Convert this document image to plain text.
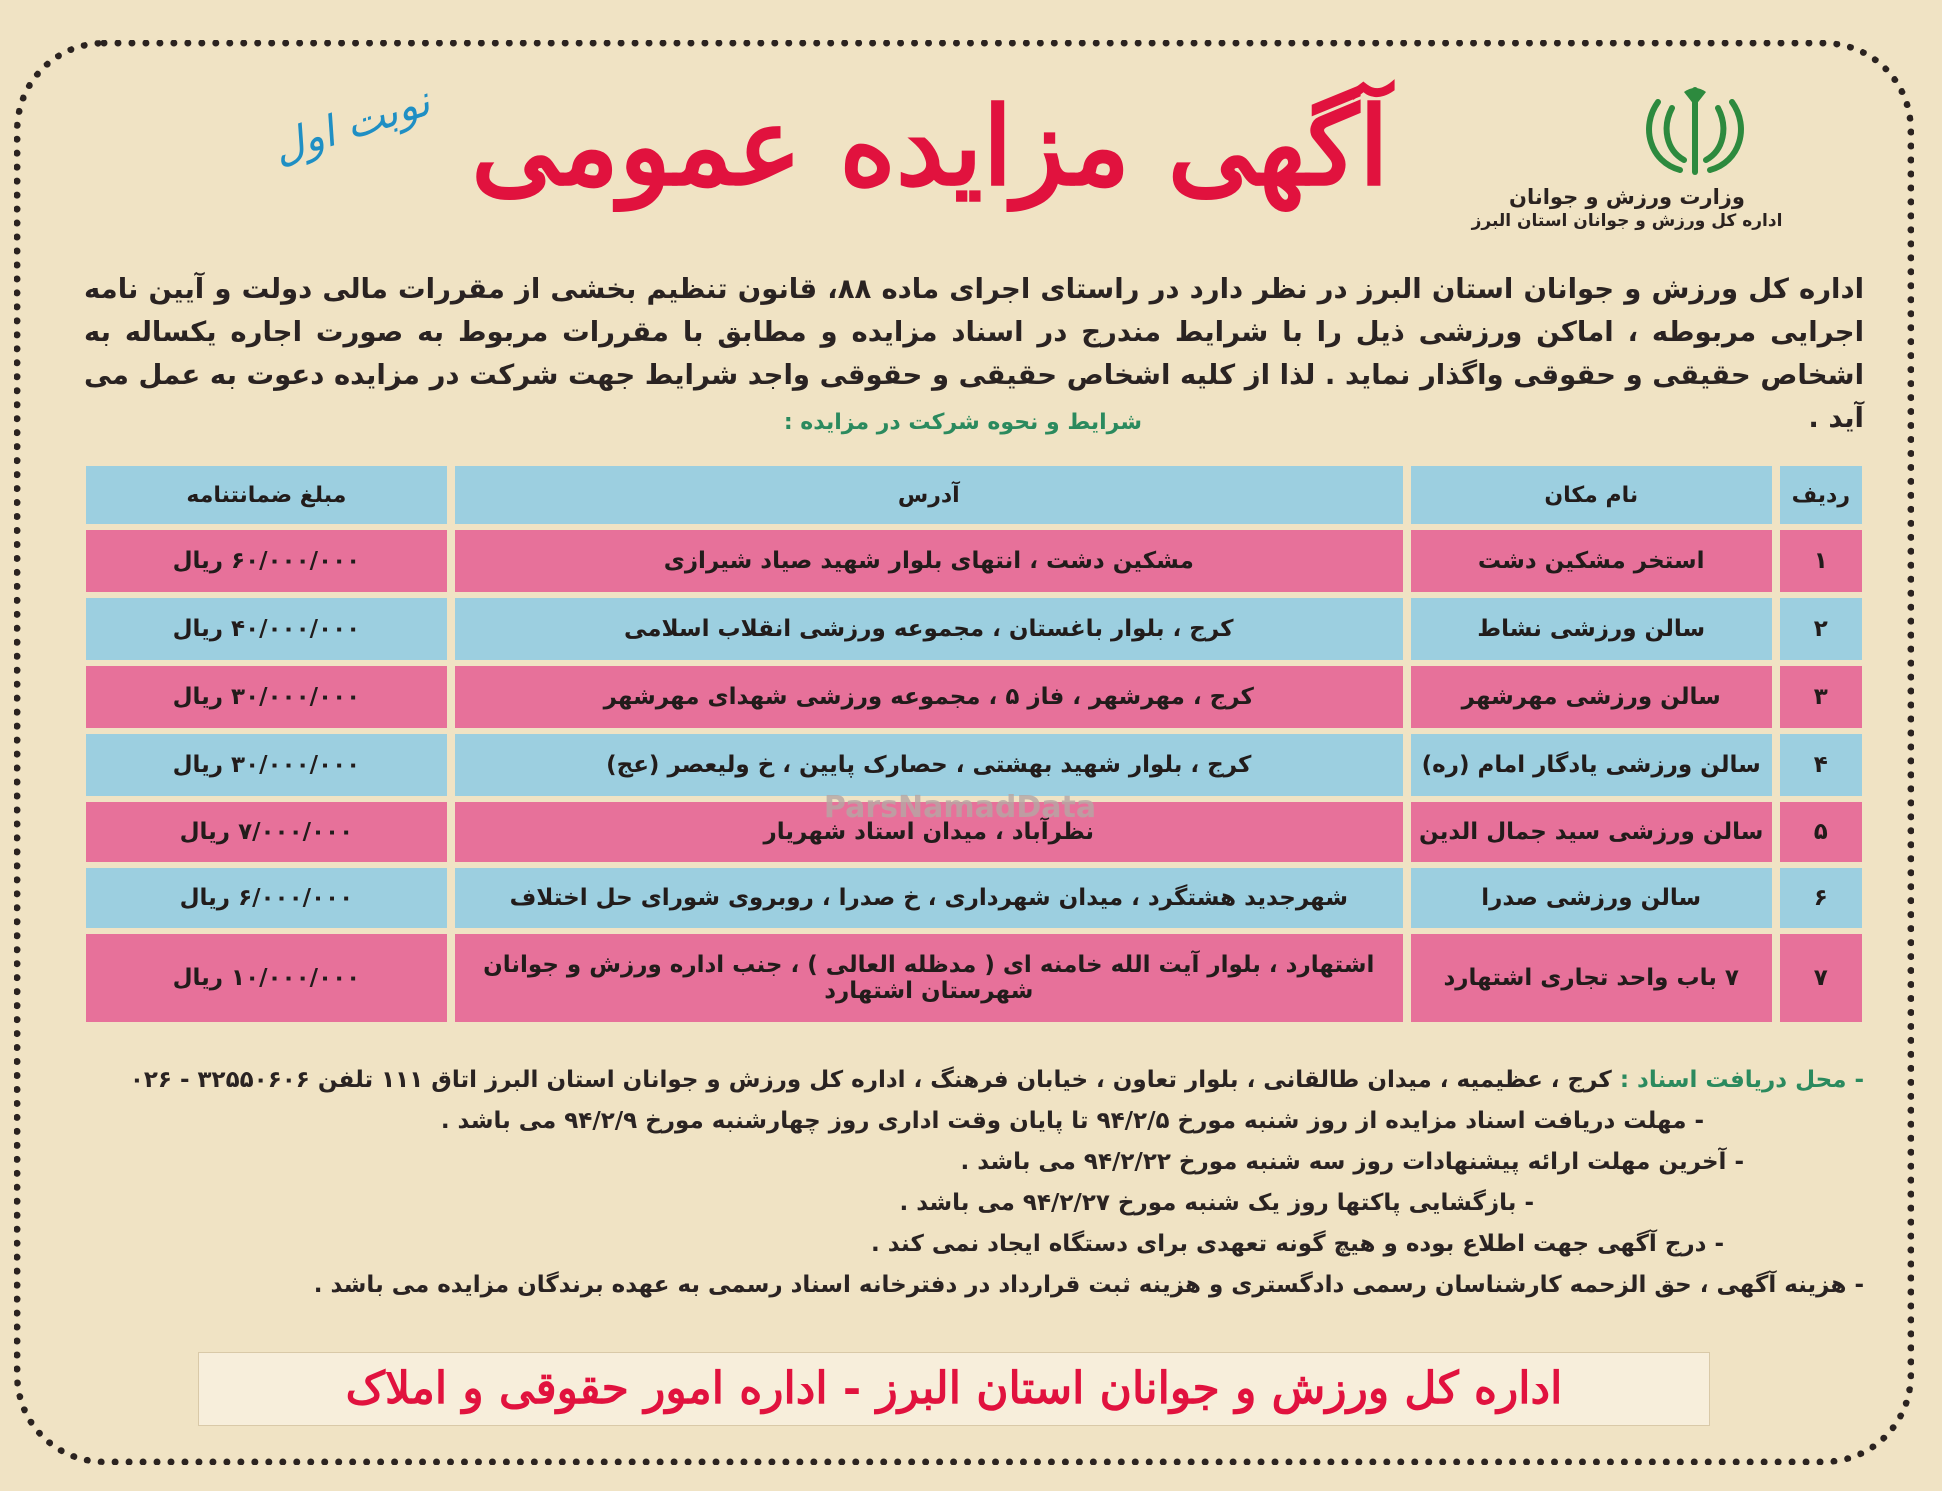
وزارت ورزش و جوانان
اداره کل ورزش و جوانان استان البرز
نوبت اول آگهی مزایده عمومی
اداره کل ورزش و جوانان استان البرز در نظر دارد در راستای اجرای ماده ۸۸، قانون تنظیم بخشی از مقررات مالی دولت و آیین نامه اجرایی مربوطه ، اماکن ورزشی ذیل را با شرایط مندرج در اسناد مزایده و مطابق با مقررات مربوط به صورت اجاره یکساله به اشخاص حقیقی و حقوقی واگذار نماید . لذا از کلیه اشخاص حقیقی و حقوقی واجد شرایط جهت شرکت در مزایده دعوت به عمل می آید .
شرایط و نحوه شرکت در مزایده :
ردیف	نام مکان	آدرس	مبلغ ضمانتنامه
۱	استخر مشکین دشت	مشکین دشت ، انتهای بلوار شهید صیاد شیرازی	۶۰/۰۰۰/۰۰۰ ریال
۲	سالن ورزشی نشاط	کرج ، بلوار باغستان ، مجموعه ورزشی انقلاب اسلامی	۴۰/۰۰۰/۰۰۰ ریال
۳	سالن ورزشی مهرشهر	کرج ، مهرشهر ، فاز ۵ ، مجموعه ورزشی شهدای مهرشهر	۳۰/۰۰۰/۰۰۰ ریال
۴	سالن ورزشی یادگار امام (ره)	کرج ، بلوار شهید بهشتی ، حصارک پایین ، خ ولیعصر (عج)	۳۰/۰۰۰/۰۰۰ ریال
۵	سالن ورزشی سید جمال الدین	نظرآباد ، میدان استاد شهریار	۷/۰۰۰/۰۰۰ ریال
۶	سالن ورزشی صدرا	شهرجدید هشتگرد ، میدان شهرداری ، خ صدرا ، روبروی شورای حل اختلاف	۶/۰۰۰/۰۰۰ ریال
۷	۷ باب واحد تجاری اشتهارد	اشتهارد ، بلوار آیت الله خامنه ای ( مدظله العالی ) ، جنب اداره ورزش و جوانان شهرستان اشتهارد	۱۰/۰۰۰/۰۰۰ ریال
ParsNamadData
- محل دریافت اسناد : کرج ، عظیمیه ، میدان طالقانی ، بلوار تعاون ، خیابان فرهنگ ، اداره کل ورزش و جوانان استان البرز اتاق ۱۱۱ تلفن ۳۲۵۵۰۶۰۶ - ۰۲۶
- مهلت دریافت اسناد مزایده از روز شنبه مورخ ۹۴/۲/۵ تا پایان وقت اداری روز چهارشنبه مورخ ۹۴/۲/۹ می باشد .
- آخرین مهلت ارائه پیشنهادات روز سه شنبه مورخ ۹۴/۲/۲۲ می باشد .
- بازگشایی پاکتها روز یک شنبه مورخ ۹۴/۲/۲۷ می باشد .
- درج آگهی جهت اطلاع بوده و هیچ گونه تعهدی برای دستگاه ایجاد نمی کند .
- هزینه آگهی ، حق الزحمه کارشناسان رسمی دادگستری و هزینه ثبت قرارداد در دفترخانه اسناد رسمی به عهده برندگان مزایده می باشد .
اداره کل ورزش و جوانان استان البرز - اداره امور حقوقی و املاک
